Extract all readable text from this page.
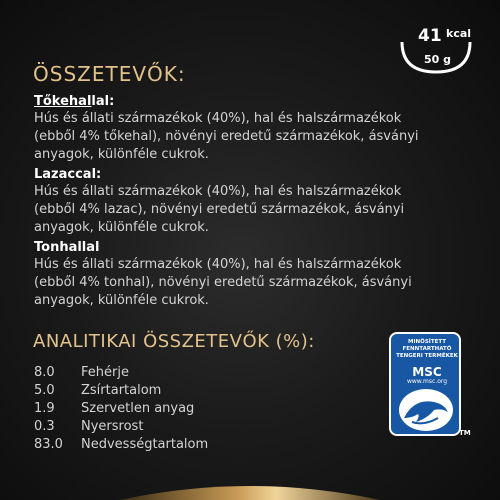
41 kcal
50 g
ÖSSZETEVŐK:
Tőkehallal:

Hús és állati származékok (40%), hal és halszármazékok

(ebből 4% tőkehal), növényi eredetű származékok, ásványi

anyagok, különféle cukrok.

Lazaccal:

Hús és állati származékok (40%), hal és halszármazékok

(ebből 4% lazac), növényi eredetű származékok, ásványi

anyagok, különféle cukrok.

Tonhallal

Hús és állati származékok (40%), hal és halszármazékok

(ebből 4% tonhal), növényi eredetű származékok, ásványi

anyagok, különféle cukrok.

ANALITIKAI ÖSSZETEVŐK (%):
8.0 Fehérje
5.0 Zsírtartalom
1.9 Szervetlen anyag
0.3 Nyersrost
83.0 Nedvességtartalom
MINŐSÍTETT
FENNTARTHATÓ
TENGERI TERMÉKEK
MSC
www.msc.org
TM
